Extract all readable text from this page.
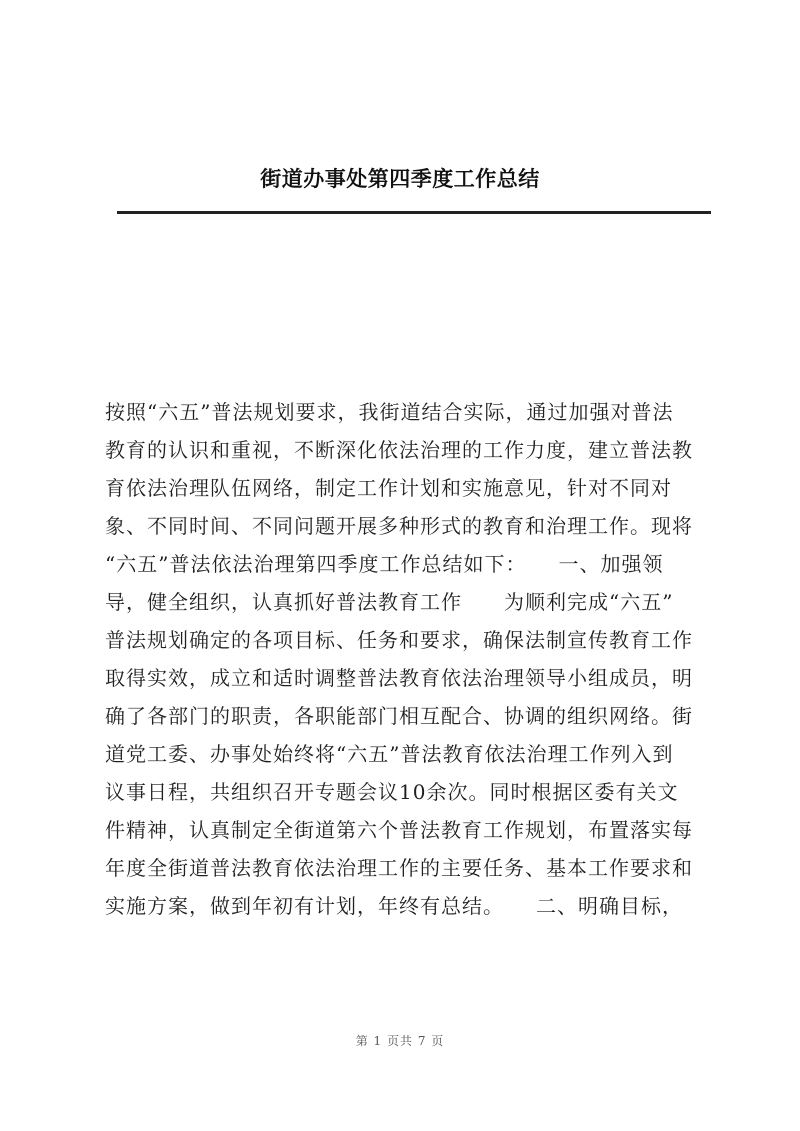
街道办事处第四季度工作总结
按照“六五”普法规划要求，我街道结合实际，通过加强对普法
教育的认识和重视，不断深化依法治理的工作力度，建立普法教
育依法治理队伍网络，制定工作计划和实施意见，针对不同对
象、不同时间、不同问题开展多种形式的教育和治理工作。现将
“六五”普法依法治理第四季度工作总结如下：　　一、加强领
导，健全组织，认真抓好普法教育工作　　为顺利完成“六五”
普法规划确定的各项目标、任务和要求，确保法制宣传教育工作
取得实效，成立和适时调整普法教育依法治理领导小组成员，明
确了各部门的职责，各职能部门相互配合、协调的组织网络。街
道党工委、办事处始终将“六五”普法教育依法治理工作列入到
议事日程，共组织召开专题会议10余次。同时根据区委有关文
件精神，认真制定全街道第六个普法教育工作规划，布置落实每
年度全街道普法教育依法治理工作的主要任务、基本工作要求和
实施方案，做到年初有计划，年终有总结。　　二、明确目标，
第 1 页共 7 页
